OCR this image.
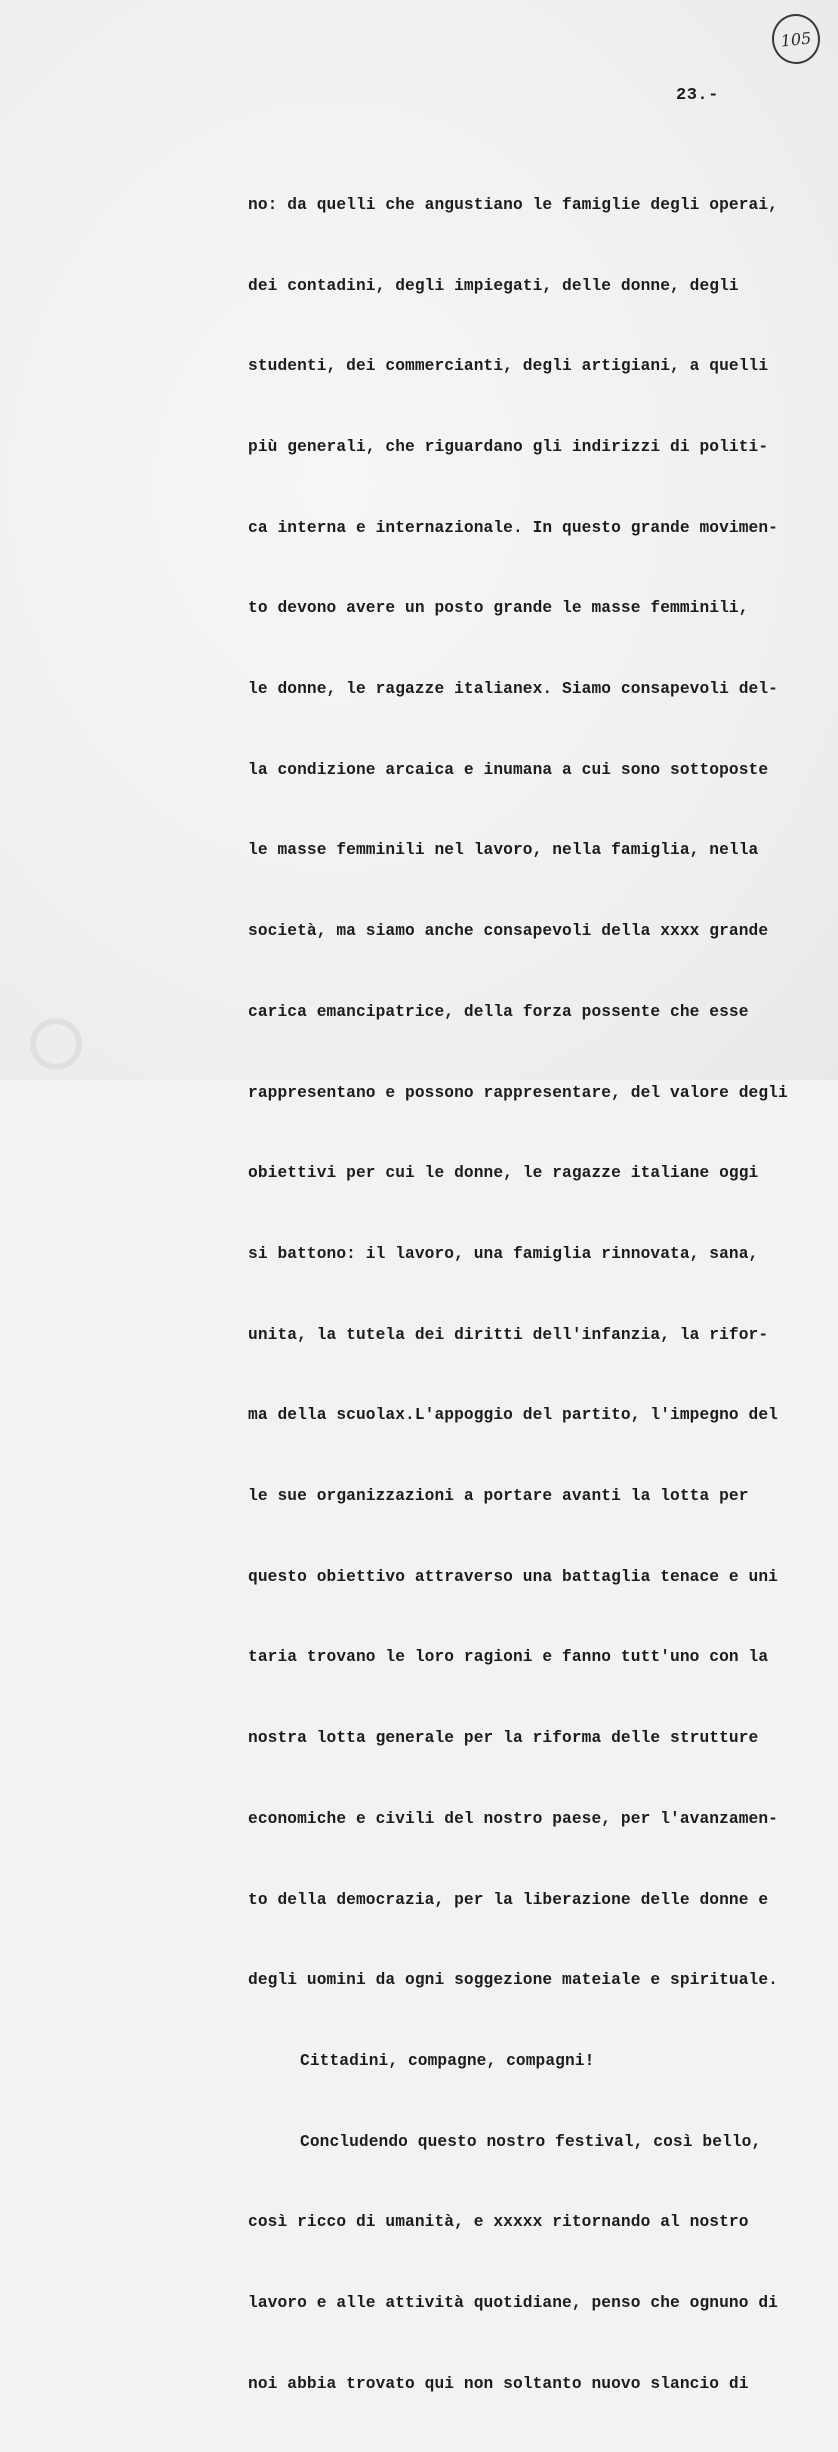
105
23.-

no: da quelli che angustiano le famiglie degli operai,

dei contadini, degli impiegati, delle donne, degli

studenti, dei commercianti, degli artigiani, a quelli

più generali, che riguardano gli indirizzi di politi-

ca interna e internazionale. In questo grande movimen-

to devono avere un posto grande le masse femminili,

le donne, le ragazze italianex. Siamo consapevoli del-

la condizione arcaica e inumana a cui sono sottoposte

le masse femminili nel lavoro, nella famiglia, nella

società, ma siamo anche consapevoli della xxxx grande

carica emancipatrice, della forza possente che esse

rappresentano e possono rappresentare, del valore degli

obiettivi per cui le donne, le ragazze italiane oggi

si battono: il lavoro, una famiglia rinnovata, sana,

unita, la tutela dei diritti dell'infanzia, la rifor-

ma della scuolax.L'appoggio del partito, l'impegno del

le sue organizzazioni a portare avanti la lotta per

questo obiettivo attraverso una battaglia tenace e uni

taria trovano le loro ragioni e fanno tutt'uno con la

nostra lotta generale per la riforma delle strutture

economiche e civili del nostro paese, per l'avanzamen-

to della democrazia, per la liberazione delle donne e

degli uomini da ogni soggezione mateiale e spirituale.

Cittadini, compagne, compagni!

Concludendo questo nostro festival, così bello,

così ricco di umanità, e xxxxx ritornando al nostro

lavoro e alle attività quotidiane, penso che ognuno di

noi abbia trovato qui non soltanto nuovo slancio di
